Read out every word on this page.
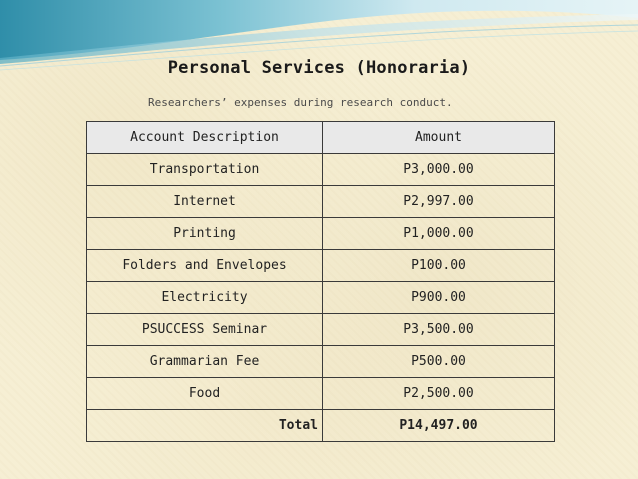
Personal Services (Honoraria)
Researchers’ expenses during research conduct.
Account Description	Amount
Transportation	P3,000.00
Internet	P2,997.00
Printing	P1,000.00
Folders and Envelopes	P100.00
Electricity	P900.00
PSUCCESS Seminar	P3,500.00
Grammarian Fee	P500.00
Food	P2,500.00
Total	P14,497.00
